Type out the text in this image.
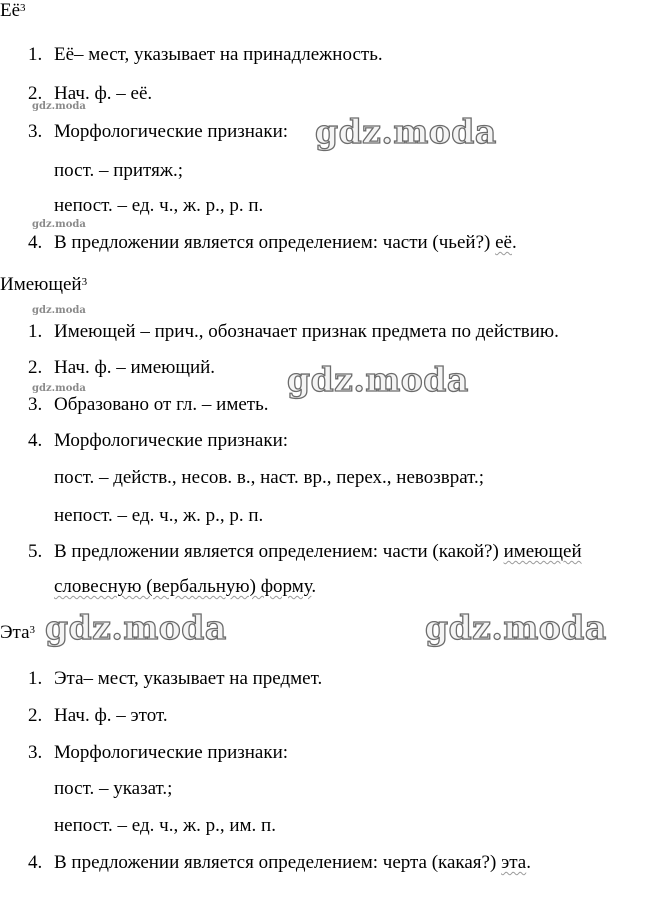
$Её^3$
1. Её– мест, указывает на принадлежность.
2. Нач. ф. – её.
3. Морфологические признаки:
пост. – притяж.;
непост. – ед. ч., ж. р., р. п.
4. В предложении является определением: части (чьей?) её.
Имеющей$^3$
1. Имеющей – прич., обозначает признак предмета по действию.
2. Нач. ф. – имеющий.
3. Образовано от гл. – иметь.
4. Морфологические признаки:
пост. – действ., несов. в., наст. вр., перех., невозврат.;
непост. – ед. ч., ж. р., р. п.
5. В предложении является определением: части (какой?) имеющей
словесную (вербальную) форму.
Эта$^3$
1. Эта– мест, указывает на предмет.
2. Нач. ф. – этот.
3. Морфологические признаки:
пост. – указат.;
непост. – ед. ч., ж. р., им. п.
4. В предложении является определением: черта (какая?) эта.
gdz.moda
gdz.moda
gdz.moda
gdz.moda
gdz.moda
gdz.moda
gdz.moda	gdz.moda
